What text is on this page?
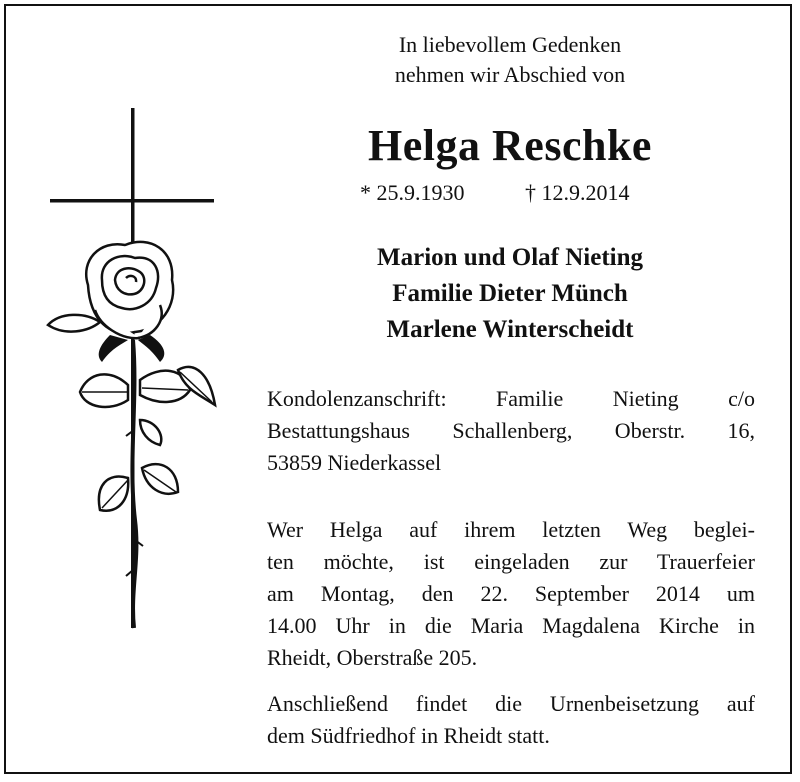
In liebevollem Gedenken
nehmen wir Abschied von
Helga Reschke
* 25.9.1930	† 12.9.2014
Marion und Olaf Nieting
Familie Dieter Münch
Marlene Winterscheidt
Kondolenzanschrift: Familie Nieting c/o
Bestattungshaus Schallenberg, Oberstr. 16,
53859 Niederkassel
Wer Helga auf ihrem letzten Weg beglei-
ten möchte, ist eingeladen zur Trauerfeier
am Montag, den 22. September 2014 um
14.00 Uhr in die Maria Magdalena Kirche in
Rheidt, Oberstraße 205.
Anschließend findet die Urnenbeisetzung auf
dem Südfriedhof in Rheidt statt.
